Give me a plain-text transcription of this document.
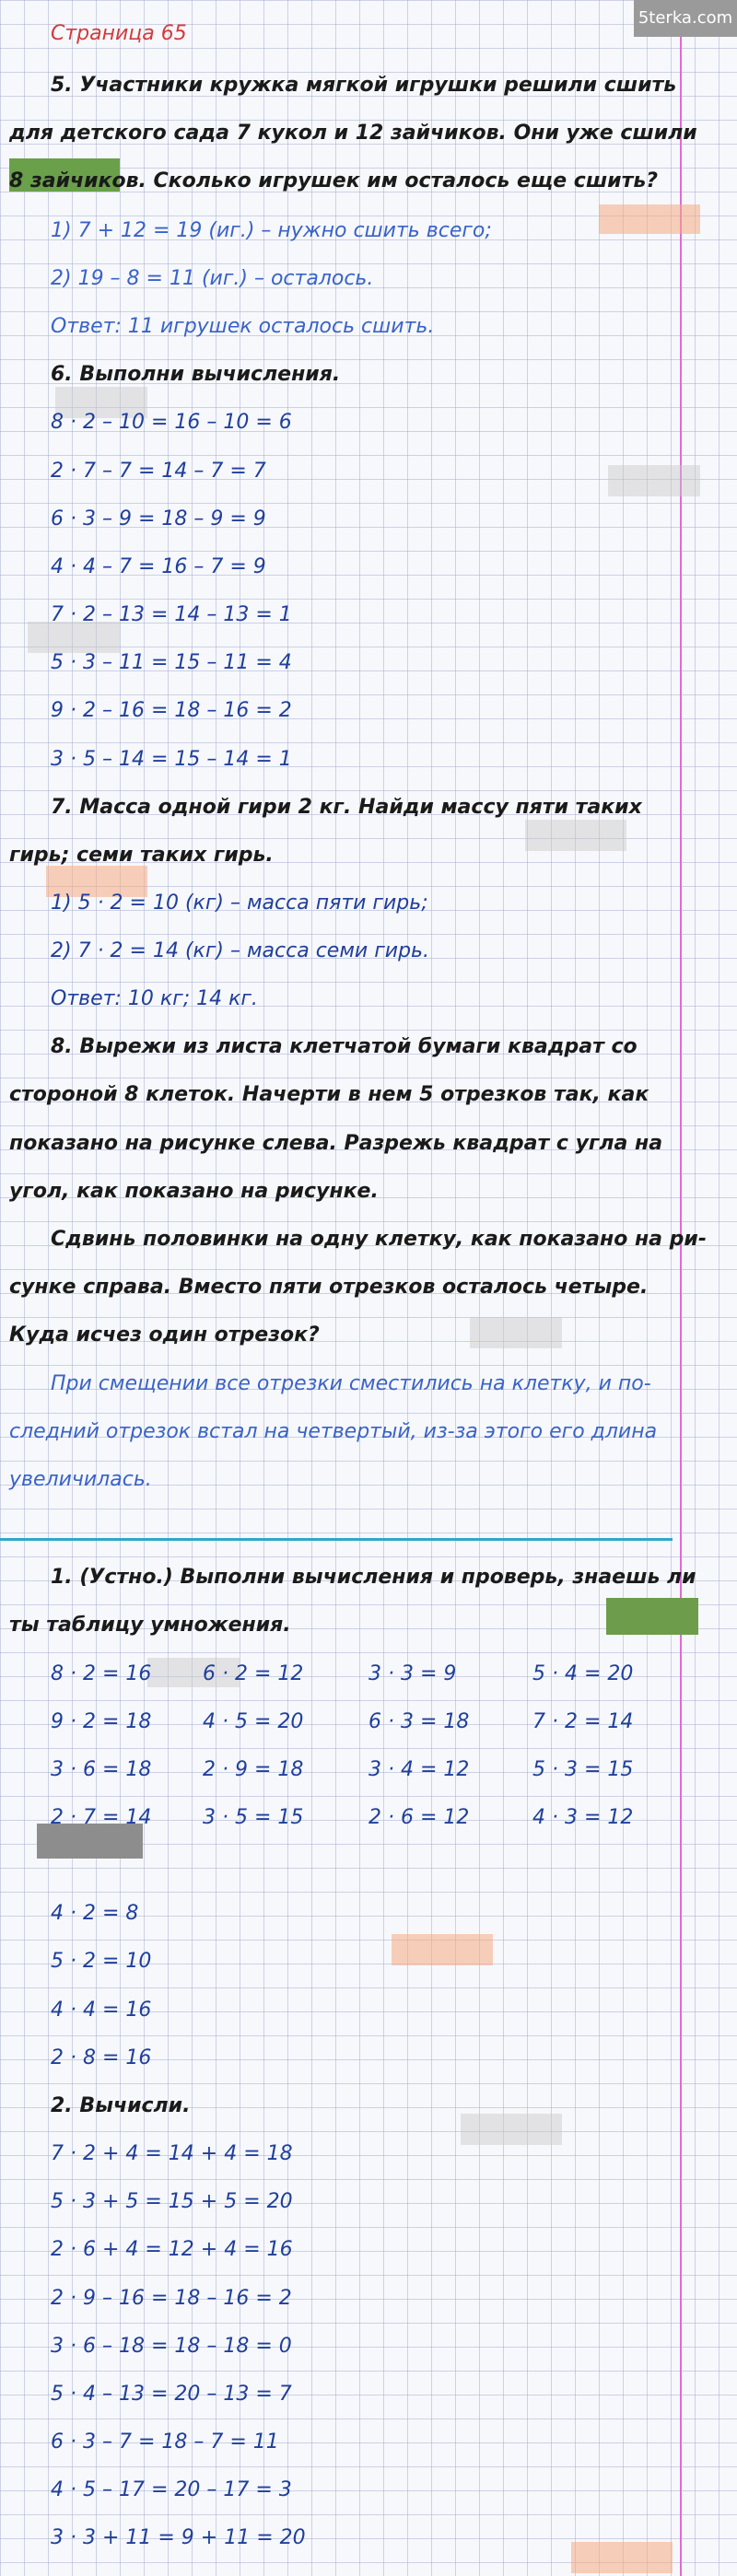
5terka.com
Страница 65
5. Участники кружка мягкой игрушки решили сшить
для детского сада 7 кукол и 12 зайчиков. Они уже сшили
8 зайчиков. Сколько игрушек им осталось еще сшить?
1) 7 + 12 = 19 (иг.) – нужно сшить всего;
2) 19 – 8 = 11 (иг.) – осталось.
Ответ: 11 игрушек осталось сшить.
6. Выполни вычисления.
8 · 2 – 10 = 16 – 10 = 6
2 · 7 – 7 = 14 – 7 = 7
6 · 3 – 9 = 18 – 9 = 9
4 · 4 – 7 = 16 – 7 = 9
7 · 2 – 13 = 14 – 13 = 1
5 · 3 – 11 = 15 – 11 = 4
9 · 2 – 16 = 18 – 16 = 2
3 · 5 – 14 = 15 – 14 = 1
7. Масса одной гири 2 кг. Найди массу пяти таких
гирь; семи таких гирь.
1) 5 · 2 = 10 (кг) – масса пяти гирь;
2) 7 · 2 = 14 (кг) – масса семи гирь.
Ответ: 10 кг; 14 кг.
8. Вырежи из листа клетчатой бумаги квадрат со
стороной 8 клеток. Начерти в нем 5 отрезков так, как
показано на рисунке слева. Разрежь квадрат с угла на
угол, как показано на рисунке.
Сдвинь половинки на одну клетку, как показано на ри-
сунке справа. Вместо пяти отрезков осталось четыре.
Куда исчез один отрезок?
При смещении все отрезки сместились на клетку, и по-
следний отрезок встал на четвертый, из-за этого его длина
увеличилась.
1. (Устно.) Выполни вычисления и проверь, знаешь ли
ты таблицу умножения.
8 · 2 = 16	6 · 2 = 12	3 · 3 = 9	5 · 4 = 20
9 · 2 = 18	4 · 5 = 20	6 · 3 = 18	7 · 2 = 14
3 · 6 = 18	2 · 9 = 18	3 · 4 = 12	5 · 3 = 15
2 · 7 = 14	3 · 5 = 15	2 · 6 = 12	4 · 3 = 12
4 · 2 = 8
5 · 2 = 10
4 · 4 = 16
2 · 8 = 16
2. Вычисли.
7 · 2 + 4 = 14 + 4 = 18
5 · 3 + 5 = 15 + 5 = 20
2 · 6 + 4 = 12 + 4 = 16
2 · 9 – 16 = 18 – 16 = 2
3 · 6 – 18 = 18 – 18 = 0
5 · 4 – 13 = 20 – 13 = 7
6 · 3 – 7 = 18 – 7 = 11
4 · 5 – 17 = 20 – 17 = 3
3 · 3 + 11 = 9 + 11 = 20
